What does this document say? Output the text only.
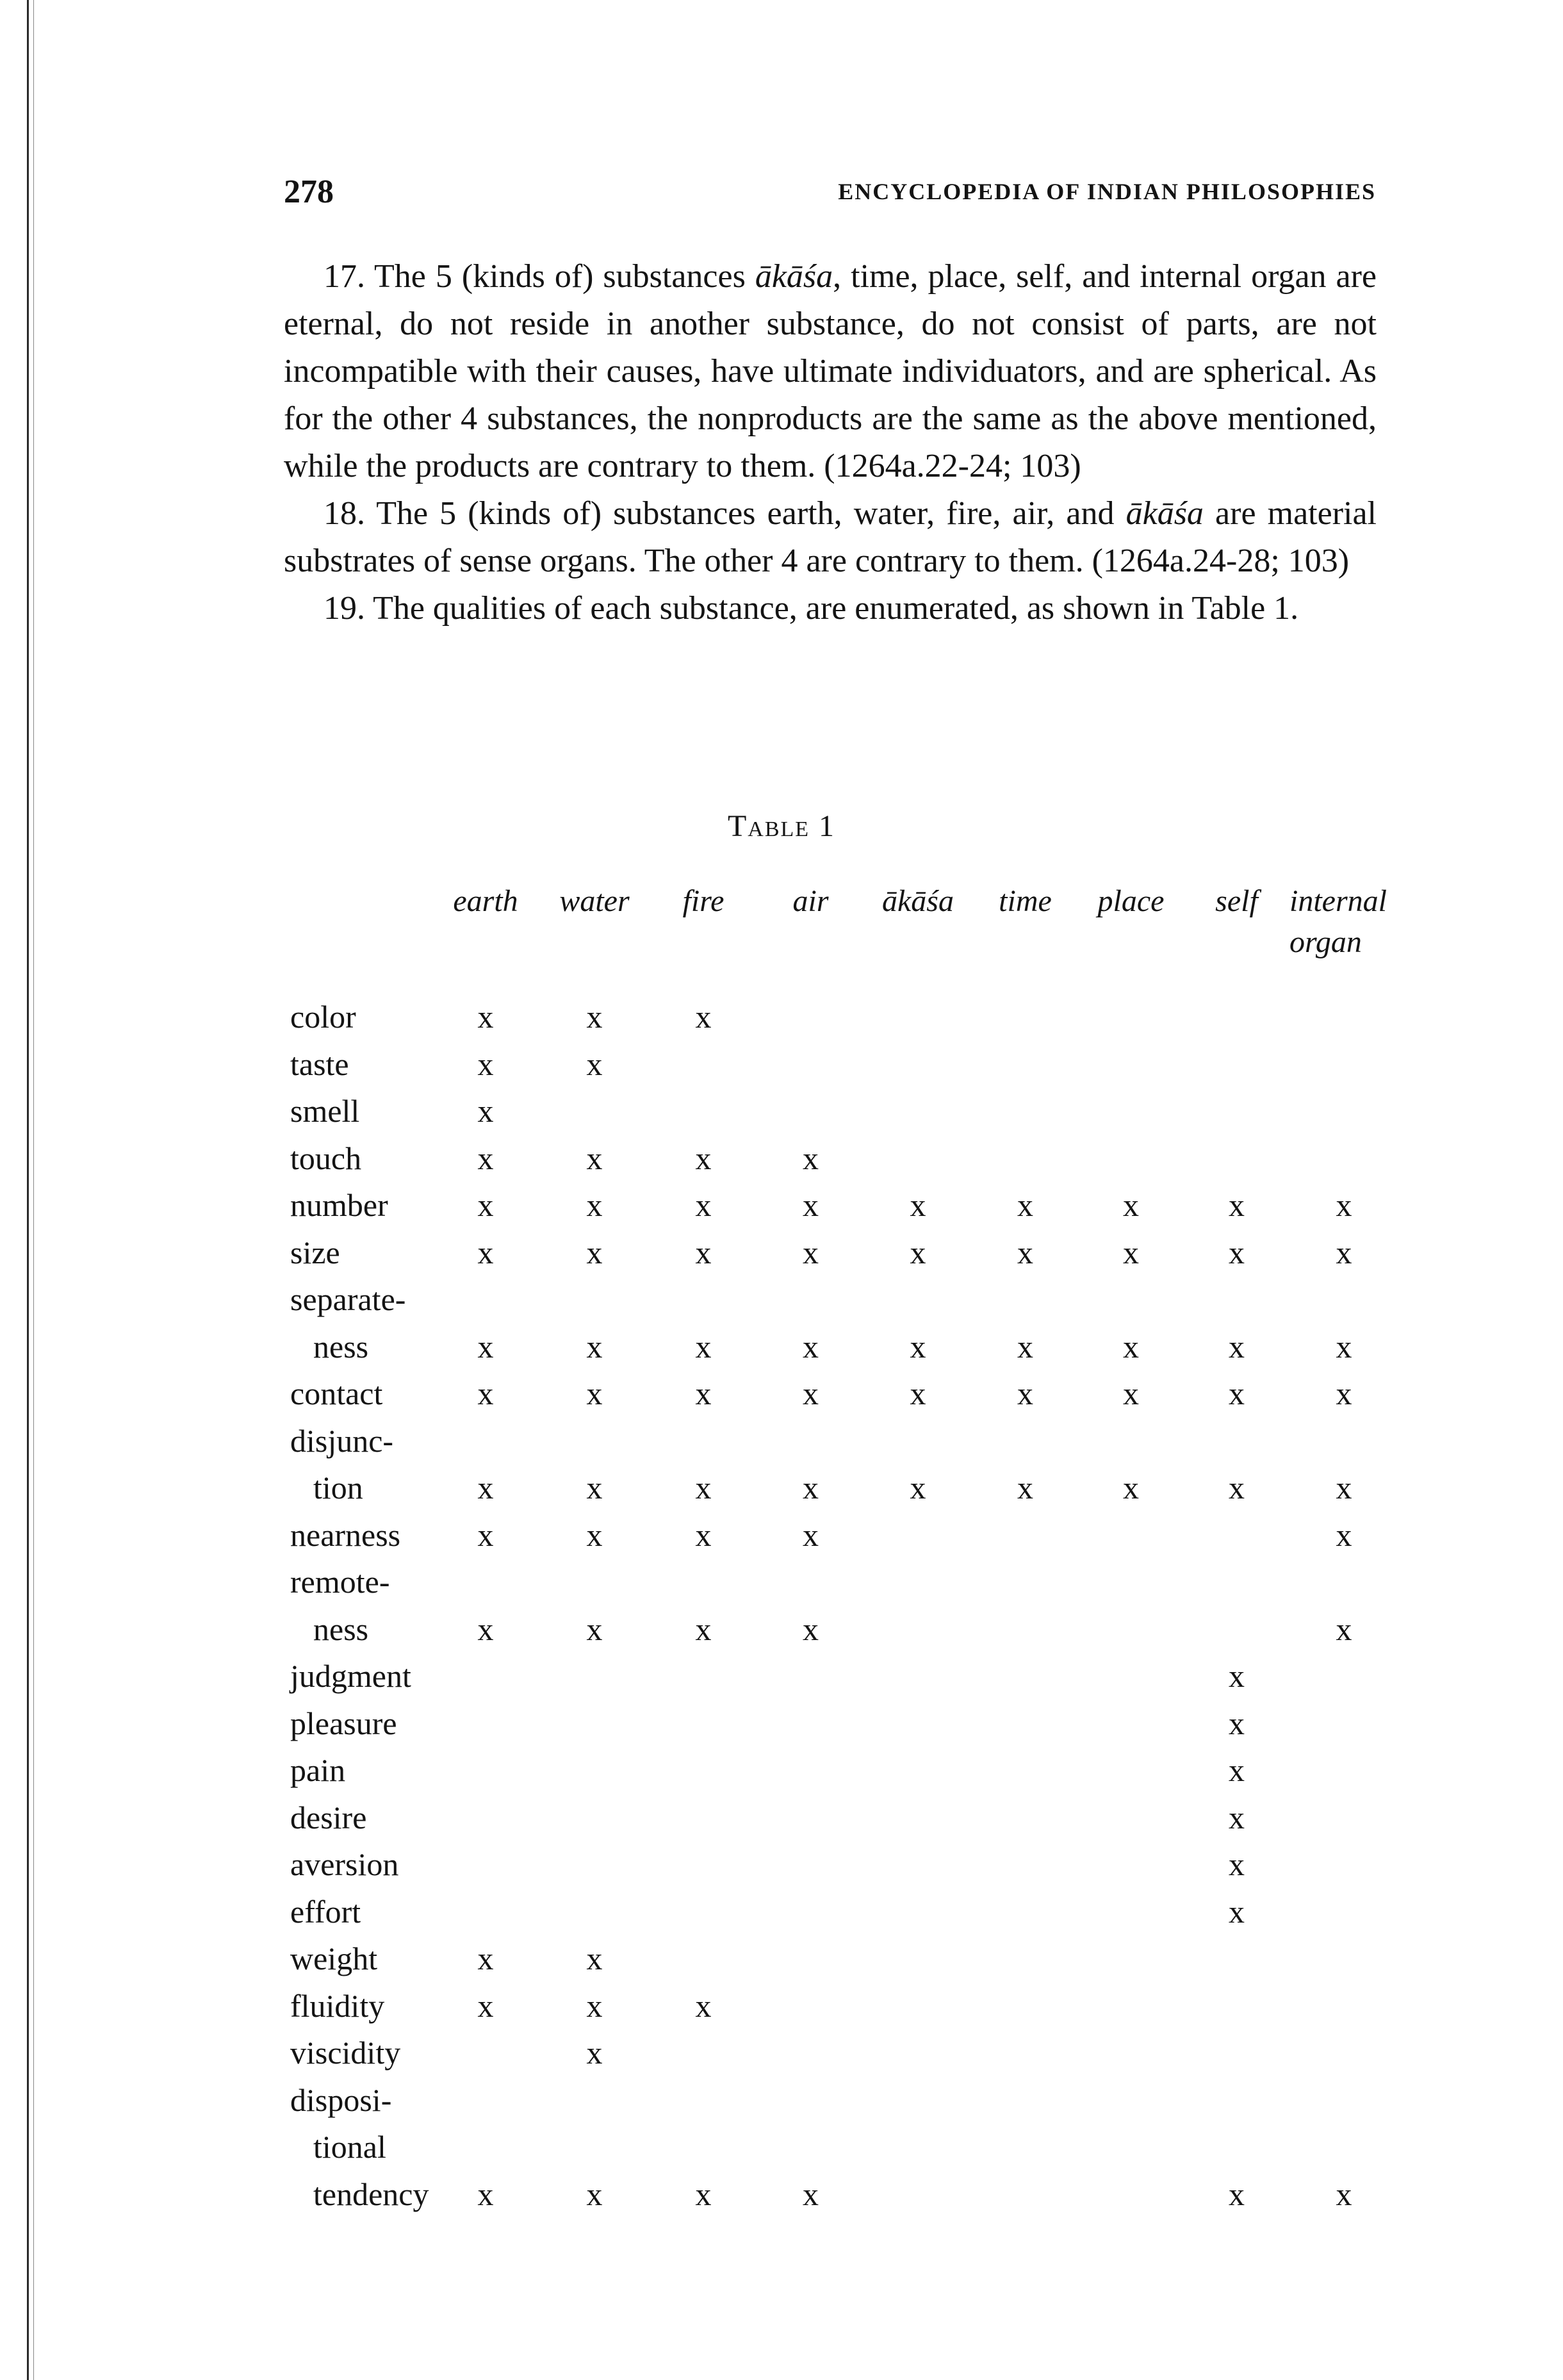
278	ENCYCLOPEDIA OF INDIAN PHILOSOPHIES

17. The 5 (kinds of) substances ākāśa, time, place, self, and internal organ are eternal, do not reside in another substance, do not consist of parts, are not incompatible with their causes, have ultimate individuators, and are spherical. As for the other 4 substances, the nonproducts are the same as the above mentioned, while the products are contrary to them. (1264a.22-24; 103)

18. The 5 (kinds of) substances earth, water, fire, air, and ākāśa are material substrates of sense organs. The other 4 are contrary to them. (1264a.24-28; 103)

19. The qualities of each substance, are enumerated, as shown in Table 1.

Table 1
	earth	water	fire	air	ākāśa	time	place	self	internal organ

color	x	x	x						

taste	x	x							

smell	x								

touch	x	x	x	x					

number	x	x	x	x	x	x	x	x	x

size	x	x	x	x	x	x	x	x	x

separate-
ness	x	x	x	x	x	x	x	x	x

contact	x	x	x	x	x	x	x	x	x

disjunc-
tion	x	x	x	x	x	x	x	x	x

nearness	x	x	x	x					x

remote-
ness	x	x	x	x					x

judgment								x	

pleasure								x	

pain								x	

desire								x	

aversion								x	

effort								x	

weight	x	x							

fluidity	x	x	x						

viscidity		x							

disposi-
tional
tendency	x	x	x	x				x	x
